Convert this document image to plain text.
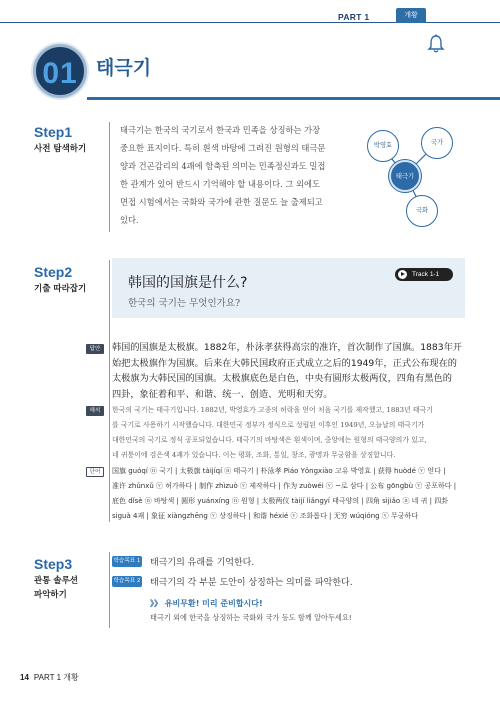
PART 1	개황
01 태극기
Step1
사전 탐색하기

태극기는 한국의 국기로서 한국과 민족을 상징하는 가장

중요한 표지이다. 특히 흰색 바탕에 그려진 원형의 태극문

양과 건곤감리의 4괘에 함축된 의미는 민족정신과도 밀접

한 관계가 있어 반드시 기억해야 할 내용이다. 그 외에도

면접 시험에서는 국화와 국가에 관한 질문도 늘 출제되고

있다.

박영효	국가
태극기
국화
Step2
기출 따라잡기	韩国的国旗是什么?
한국의 국기는 무엇인가요?
Track 1-1
답안	韩国的国旗是太极旗。1882年，朴泳孝获得高宗的准许，首次制作了国旗。1883年开

始把太极旗作为国旗。后来在大韩民国政府正式成立之后的1949年，正式公布现在的

太极旗为大韩民国的国旗。太极旗底色是白色，中央有圆形太极两仪，四角有黑色的

四卦，象征着和平、和谐、统一、创造、光明和天穷。

해석	한국의 국기는 태극기입니다. 1882년, 박영효가 고종의 허락을 얻어 처음 국기를 제작했고, 1883년 태극기

를 국기로 사용하기 시작했습니다. 대한민국 정부가 정식으로 성립된 이후인 1949년, 오늘날의 태극기가

대한민국의 국기로 정식 공포되었습니다. 태극기의 바탕색은 흰색이며, 중앙에는 원형의 태극양의가 있고,

네 귀퉁이에 검은색 4괘가 있습니다. 이는 평화, 조화, 통일, 창조, 광명과 무궁함을 상징합니다.

단어	国旗 guóqí ⓝ 국기 | 太极旗 tàijíqí ⓝ 태극기 | 朴泳孝 Piáo Yǒngxiào 고유 박영효 | 获得 huòdé ⓥ 얻다 |

准许 zhǔnxǔ ⓥ 허가하다 | 制作 zhìzuò ⓥ 제작하다 | 作为 zuòwéi ⓥ ~로 삼다 | 公布 gōngbù ⓥ 공포하다 |

底色 dǐsè ⓝ 바탕색 | 圆形 yuánxíng ⓝ 원형 | 太极两仪 tàijí liǎngyí 태극양의 | 四角 sìjiǎo ⓝ 네 귀 | 四卦

siguà 4괘 | 象征 xiàngzhēng ⓥ 상징하다 | 和谐 héxié ⓥ 조화롭다 | 无穷 wúqióng ⓥ 무궁하다

Step3
관통 솔루션
파악하기
학습목표 1 태극기의 유래를 기억한다.
학습목표 2 태극기의 각 부분 도안이 상징하는 의미를 파악한다.
》》 유비무환! 미리 준비합시다!
태극기 외에 한국을 상징하는 국화와 국가 등도 함께 알아두세요!
14 PART 1 개황
